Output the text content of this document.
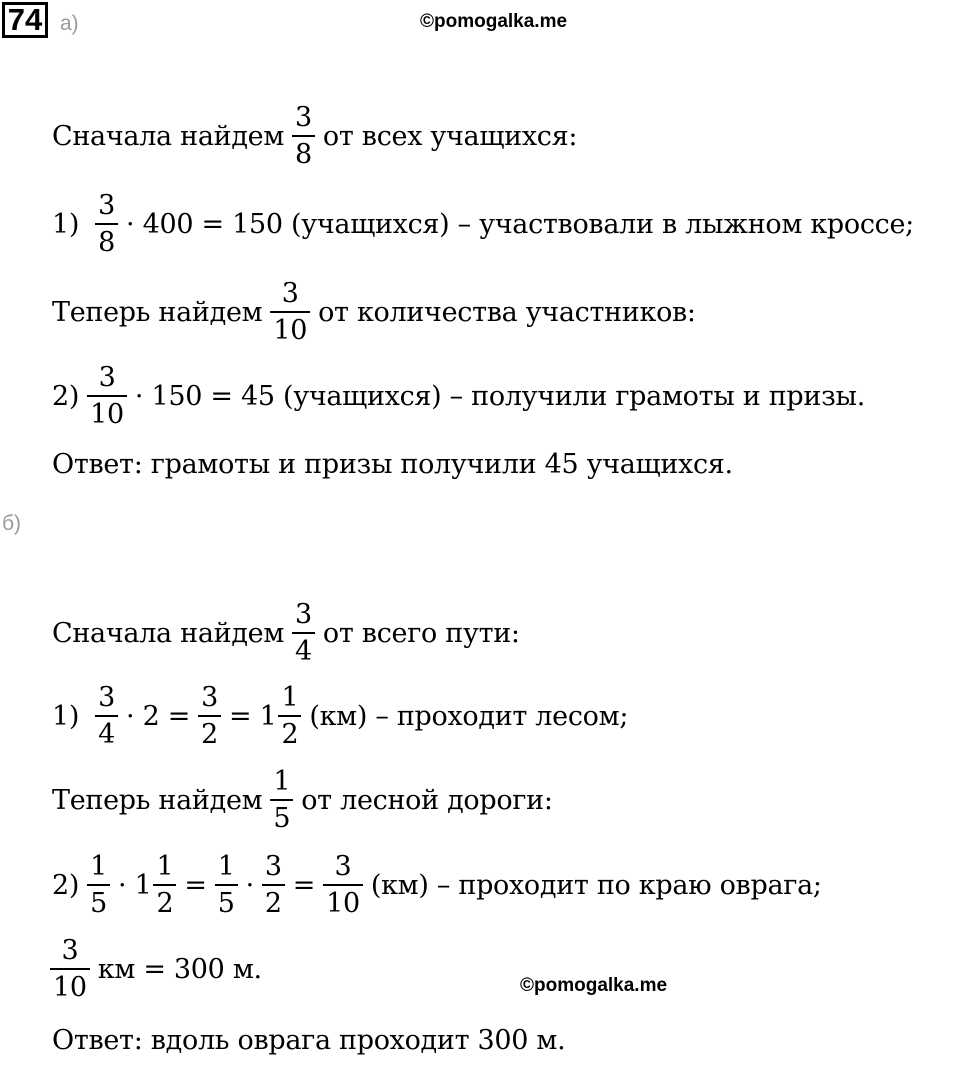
74 а)	©pomogalka.me
Сначала найдем $\frac{3}{8}$ от всех учащихся:
$1) \frac{3}{8} \cdot 400 = 150$ (учащихся) – участвовали в лыжном кроссе;
Теперь найдем $\frac{3}{10}$ от количества участников:
$2) \frac{3}{10} \cdot 150 = 45$ (учащихся) – получили грамоты и призы.
Ответ: грамоты и призы получили 45 учащихся.
б)
Сначала найдем $\frac{3}{4}$ от всего пути:
$1) \frac{3}{4} \cdot 2 = \frac{3}{2} = 1 \frac{1}{2} (км)$ – проходит лесом;
Теперь найдем $\frac{1}{5}$ от лесной дороги:
$2) \frac{1}{5} \cdot 1 \frac{1}{2} = \frac{1}{5} \cdot \frac{3}{2} = \frac{3}{10} (км)$ – проходит по краю оврага;
$\frac{3}{10}$ км = 300 м.
©pomogalka.me
Ответ: вдоль оврага проходит 300 м.
